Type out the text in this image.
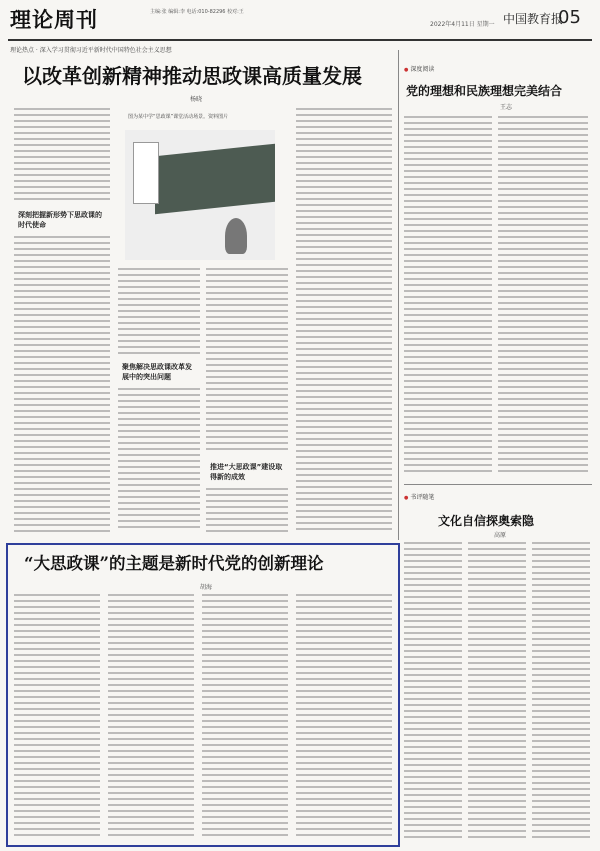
理论周刊	主编:张 编辑:李 电话:010-82296 校对:王
2022年4月11日 星期一 中国教育报
05
理论热点 · 深入学习贯彻习近平新时代中国特色社会主义思想
以改革创新精神推动思政课高质量发展
杨晓
深刻把握新形势下思政课的时代使命
图为某中学“思政课”课堂活动场景。资料图片
聚焦解决思政课改革发展中的突出问题
推进“大思政课”建设取得新的成效
● 深度阅读
党的理想和民族理想完美结合
王志
● 书评随笔
文化自信探奥索隐
高原
“大思政课”的主题是新时代党的创新理论
胡海
